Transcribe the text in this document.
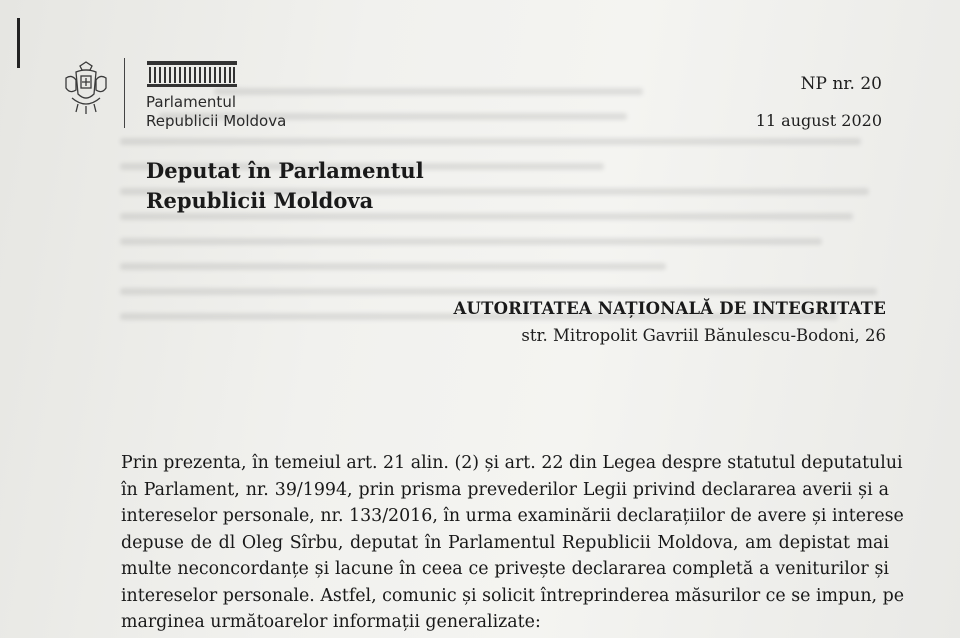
Parlamentul
Republicii Moldova
NP nr. 20
11 august 2020
Deputat în Parlamentul
Republicii Moldova
AUTORITATEA NAȚIONALĂ DE INTEGRITATE
str. Mitropolit Gavriil Bănulescu-Bodoni, 26
Prin prezenta, în temeiul art. 21 alin. (2) și art. 22 din Legea despre statutul deputatului
în Parlament, nr. 39/1994, prin prisma prevederilor Legii privind declararea averii și a
intereselor personale, nr. 133/2016, în urma examinării declarațiilor de avere și interese
depuse de dl Oleg Sîrbu, deputat în Parlamentul Republicii Moldova, am depistat mai
multe neconcordanțe și lacune în ceea ce privește declararea completă a veniturilor și
intereselor personale. Astfel, comunic și solicit întreprinderea măsurilor ce se impun, pe
marginea următoarelor informații generalizate:
